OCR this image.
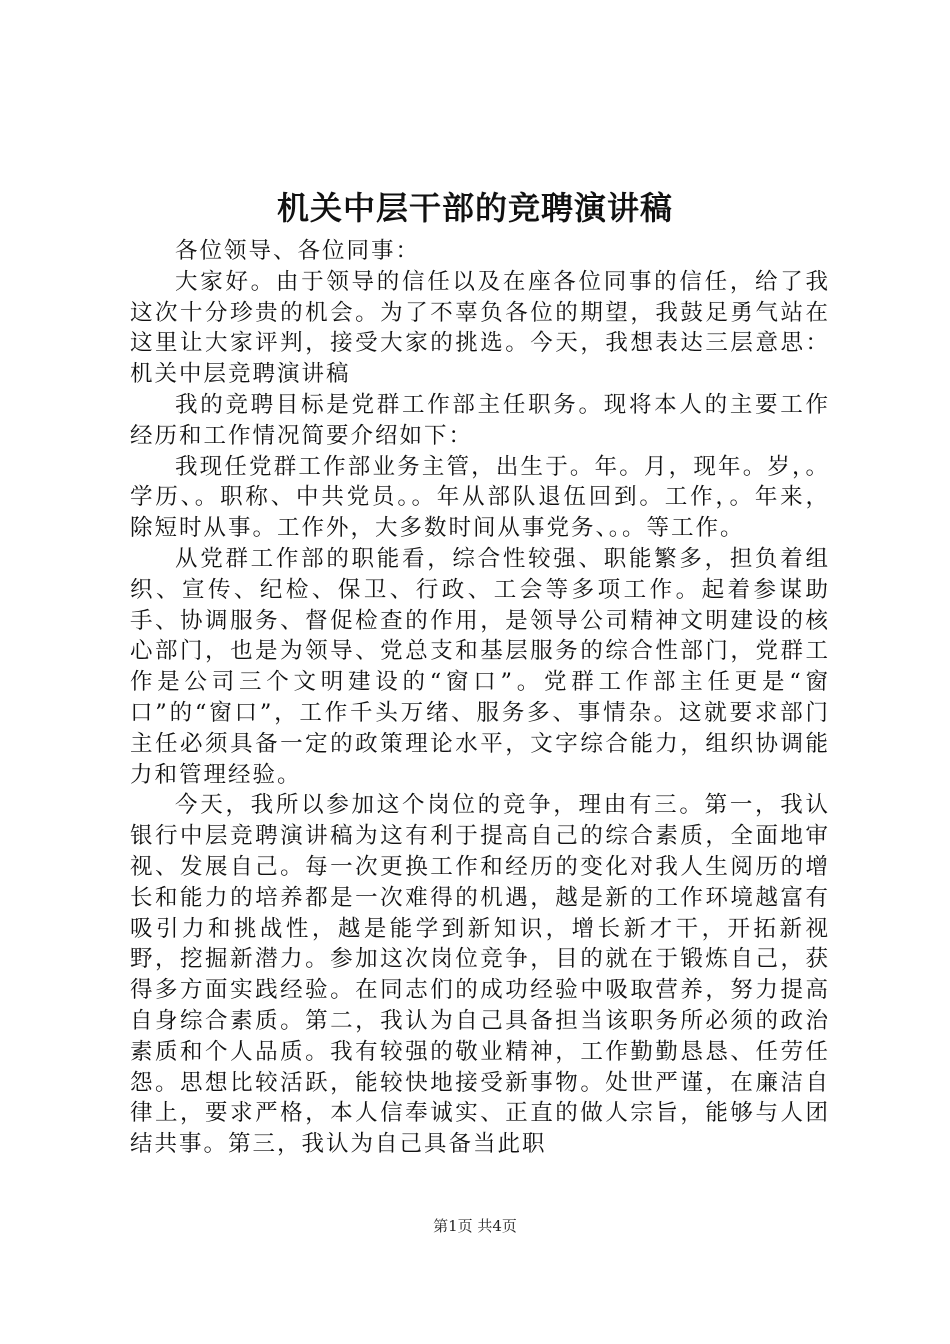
机关中层干部的竞聘演讲稿

各位领导、各位同事：

大家好。由于领导的信任以及在座各位同事的信任，给了我这次十分珍贵的机会。为了不辜负各位的期望，我鼓足勇气站在这里让大家评判，接受大家的挑选。今天，我想表达三层意思：机关中层竞聘演讲稿

我的竞聘目标是党群工作部主任职务。现将本人的主要工作经历和工作情况简要介绍如下：

我现任党群工作部业务主管，出生于。年。月，现年。岁，。学历、。职称、中共党员。。年从部队退伍回到。工作，。年来，除短时从事。工作外，大多数时间从事党务、。。等工作。

从党群工作部的职能看，综合性较强、职能繁多，担负着组织、宣传、纪检、保卫、行政、工会等多项工作。起着参谋助手、协调服务、督促检查的作用，是领导公司精神文明建设的核心部门，也是为领导、党总支和基层服务的综合性部门，党群工作是公司三个文明建设的“窗口”。党群工作部主任更是“窗口”的“窗口”，工作千头万绪、服务多、事情杂。这就要求部门主任必须具备一定的政策理论水平，文字综合能力，组织协调能力和管理经验。

今天，我所以参加这个岗位的竞争，理由有三。第一，我认银行中层竞聘演讲稿为这有利于提高自己的综合素质，全面地审视、发展自己。每一次更换工作和经历的变化对我人生阅历的增长和能力的培养都是一次难得的机遇，越是新的工作环境越富有吸引力和挑战性，越是能学到新知识，增长新才干，开拓新视野，挖掘新潜力。参加这次岗位竞争，目的就在于锻炼自己，获得多方面实践经验。在同志们的成功经验中吸取营养，努力提高自身综合素质。第二，我认为自己具备担当该职务所必须的政治素质和个人品质。我有较强的敬业精神，工作勤勤恳恳、任劳任怨。思想比较活跃，能较快地接受新事物。处世严谨，在廉洁自律上，要求严格，本人信奉诚实、正直的做人宗旨，能够与人团结共事。第三，我认为自己具备当此职

第1页 共4页
